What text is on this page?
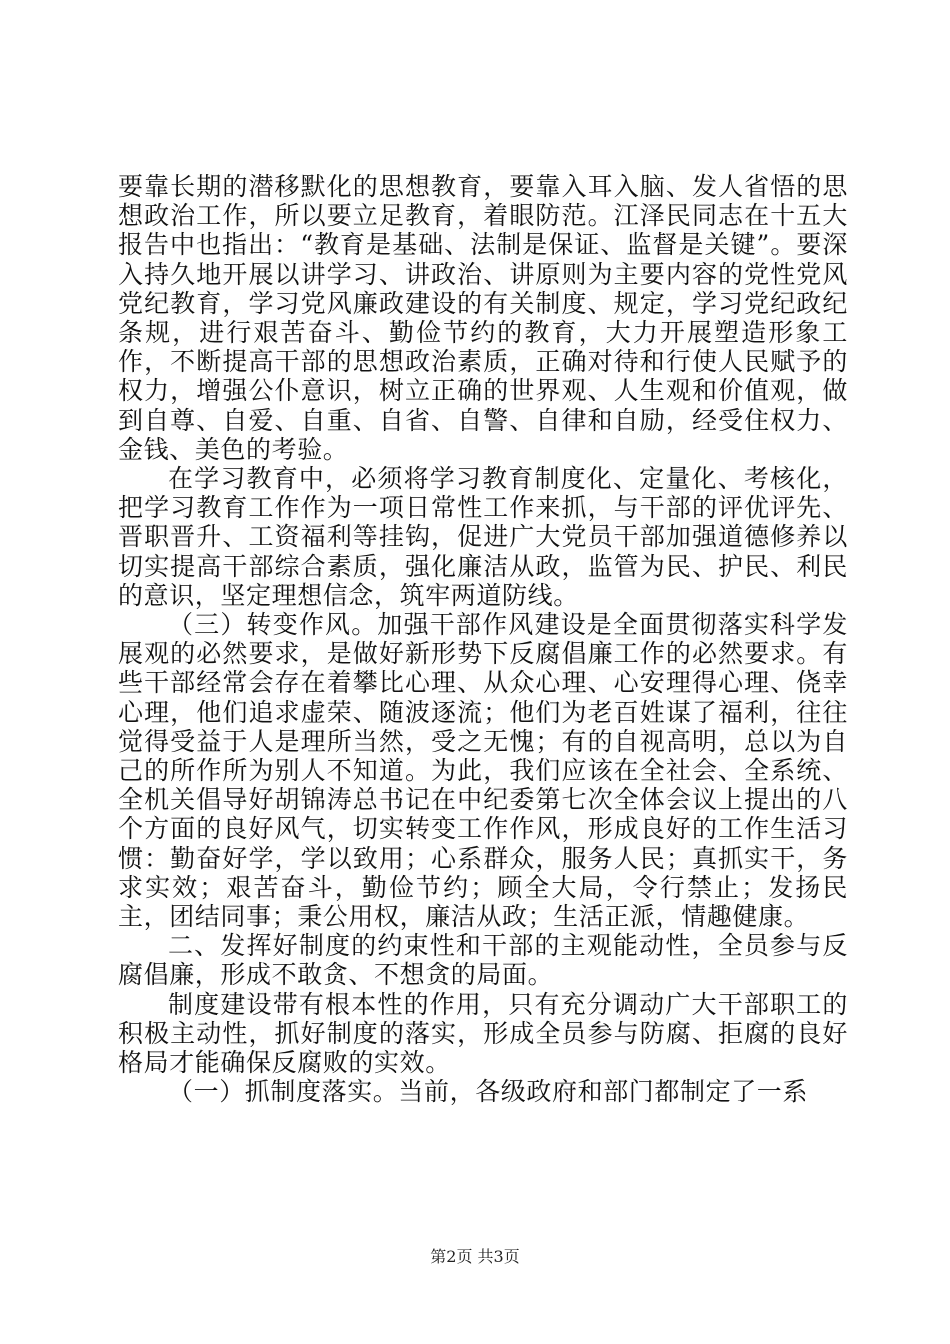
要靠长期的潜移默化的思想教育，要靠入耳入脑、发人省悟的思想政治工作，所以要立足教育，着眼防范。江泽民同志在十五大报告中也指出：“教育是基础、法制是保证、监督是关键”。要深入持久地开展以讲学习、讲政治、讲原则为主要内容的党性党风党纪教育，学习党风廉政建设的有关制度、规定，学习党纪政纪条规，进行艰苦奋斗、勤俭节约的教育，大力开展塑造形象工作，不断提高干部的思想政治素质，正确对待和行使人民赋予的权力，增强公仆意识，树立正确的世界观、人生观和价值观，做到自尊、自爱、自重、自省、自警、自律和自励，经受住权力、金钱、美色的考验。

在学习教育中，必须将学习教育制度化、定量化、考核化，把学习教育工作作为一项日常性工作来抓，与干部的评优评先、晋职晋升、工资福利等挂钩，促进广大党员干部加强道德修养以切实提高干部综合素质，强化廉洁从政，监管为民、护民、利民的意识，坚定理想信念，筑牢两道防线。

（三）转变作风。加强干部作风建设是全面贯彻落实科学发展观的必然要求，是做好新形势下反腐倡廉工作的必然要求。有些干部经常会存在着攀比心理、从众心理、心安理得心理、侥幸心理，他们追求虚荣、随波逐流；他们为老百姓谋了福利，往往觉得受益于人是理所当然，受之无愧；有的自视高明，总以为自己的所作所为别人不知道。为此，我们应该在全社会、全系统、全机关倡导好胡锦涛总书记在中纪委第七次全体会议上提出的八个方面的良好风气，切实转变工作作风，形成良好的工作生活习惯：勤奋好学，学以致用；心系群众，服务人民；真抓实干，务求实效；艰苦奋斗，勤俭节约；顾全大局，令行禁止；发扬民主，团结同事；秉公用权，廉洁从政；生活正派，情趣健康。

二、发挥好制度的约束性和干部的主观能动性，全员参与反腐倡廉，形成不敢贪、不想贪的局面。

制度建设带有根本性的作用，只有充分调动广大干部职工的积极主动性，抓好制度的落实，形成全员参与防腐、拒腐的良好格局才能确保反腐败的实效。

（一）抓制度落实。当前，各级政府和部门都制定了一系

第2页 共3页
